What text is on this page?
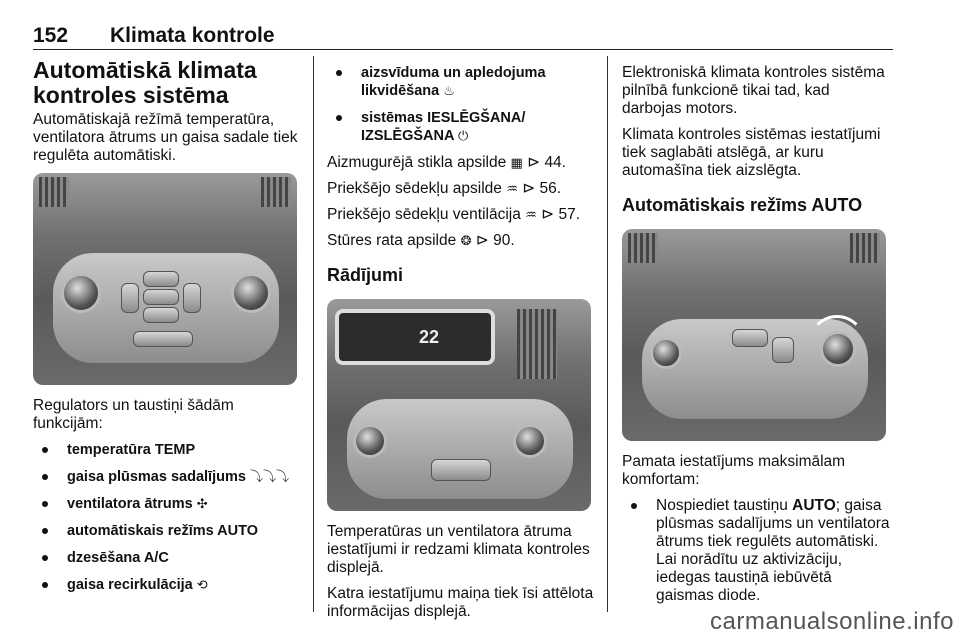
152 Klimata kontrole
Automātiskā klimata
kontroles sistēma

Automātiskajā režīmā temperatūra, ventilatora ātrums un gaisa sadale tiek regulēta automātiski.

Regulators un taustiņi šādām funkcijām:

temperatūra TEMP
gaisa plūsmas sadalījums ⤵⤵⤵
ventilatora ātrums ✣
automātiskais režīms AUTO
dzesēšana A/C
gaisa recirkulācija ⟲
aizsvīduma un apledojuma likvidēšana ♨
sistēmas IESLĒGŠANA/ IZSLĒGŠANA ⏻

Aizmugurējā stikla apsilde ▦ ⊳ 44.

Priekšējo sēdekļu apsilde ♒ ⊳ 56.

Priekšējo sēdekļu ventilācija ♒ ⊳ 57.

Stūres rata apsilde ❂ ⊳ 90.

Rādījumi
22

Temperatūras un ventilatora ātruma iestatījumi ir redzami klimata kontroles displejā.

Katra iestatījumu maiņa tiek īsi attēlota informācijas displejā.

Elektroniskā klimata kontroles sistēma pilnībā funkcionē tikai tad, kad darbojas motors.

Klimata kontroles sistēmas iestatījumi tiek saglabāti atslēgā, ar kuru automašīna tiek aizslēgta.

Automātiskais režīms AUTO

Pamata iestatījums maksimālam komfortam:

Nospiediet taustiņu AUTO; gaisa plūsmas sadalījums un ventilatora ātrums tiek regulēts automātiski. Lai norādītu uz aktivizāciju, iedegas taustiņā iebūvētā gaismas diode.
carmanualsonline.info
